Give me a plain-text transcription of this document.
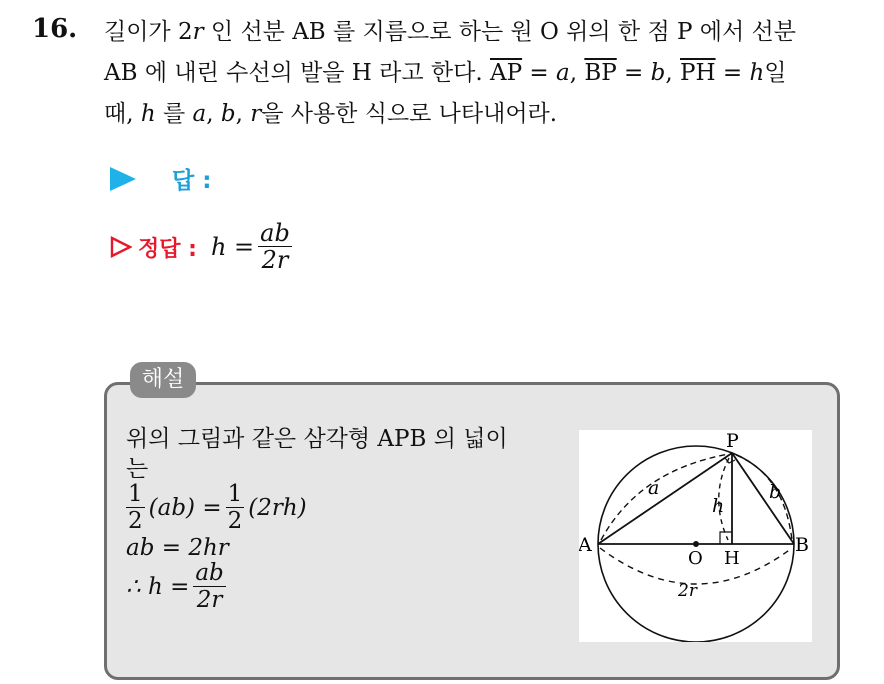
16. 길이가 2r 인 선분 AB 를 지름으로 하는 원 O 위의 한 점 P 에서 선분

AB 에 내린 수선의 발을 H 라고 한다. $\overline{AP} = a$, $\overline{BP} = b$, $\overline{PH} = h$일

때, h 를 a, b, r을 사용한 식으로 나타내어라.

답 :
정답 : $h = \frac{ab}{2r}$
해설
위의 그림과 같은 삼각형 APB 의 넓이
는
$\frac{1}{2} (ab) = \frac{1}{2} (2rh)$
ab = 2hr
∴ $h = \frac{ab}{2r}$
P
A	B
O H
a	b
h
2r
